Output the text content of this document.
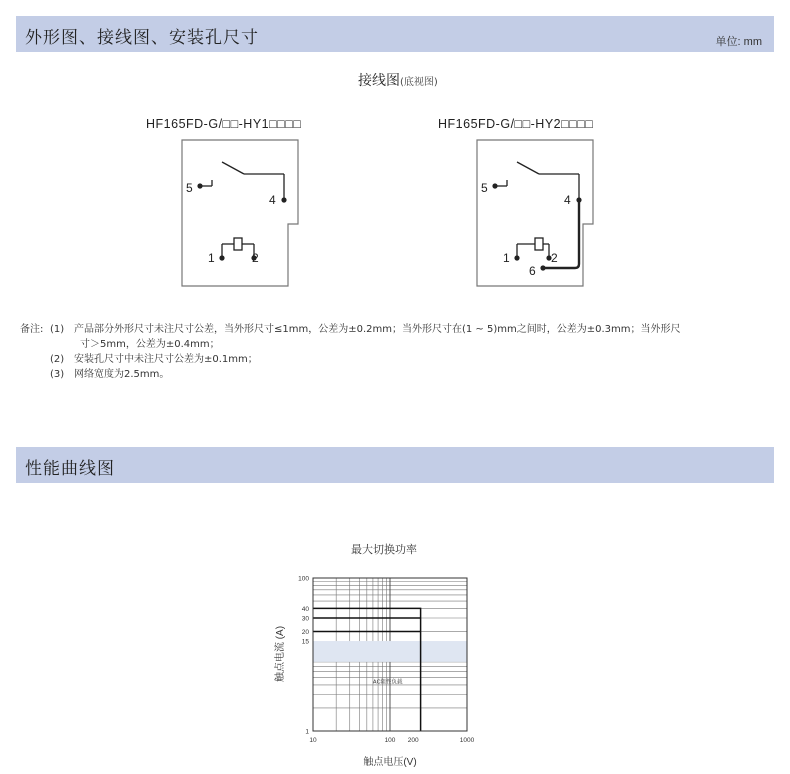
外形图、接线图、安装孔尺寸	单位: mm
接线图(底视图)
HF165FD-G/□□-HY1□□□□	HF165FD-G/□□-HY2□□□□
5
4
1	2
5
4
1	2
6
备注: (1) 产品部分外形尺寸未注尺寸公差，当外形尺寸≤1mm，公差为±0.2mm；当外形尺寸在(1 ~ 5)mm之间时，公差为±0.3mm；当外形尺
寸＞5mm，公差为±0.4mm；
(2) 安装孔尺寸中未注尺寸公差为±0.1mm；
(3) 网络宽度为2.5mm。
性能曲线图
最大切换功率
10	100 200	1000
100
40
30
20
15
1
AC阻性负载
触点电流 (A)
触点电压(V)
